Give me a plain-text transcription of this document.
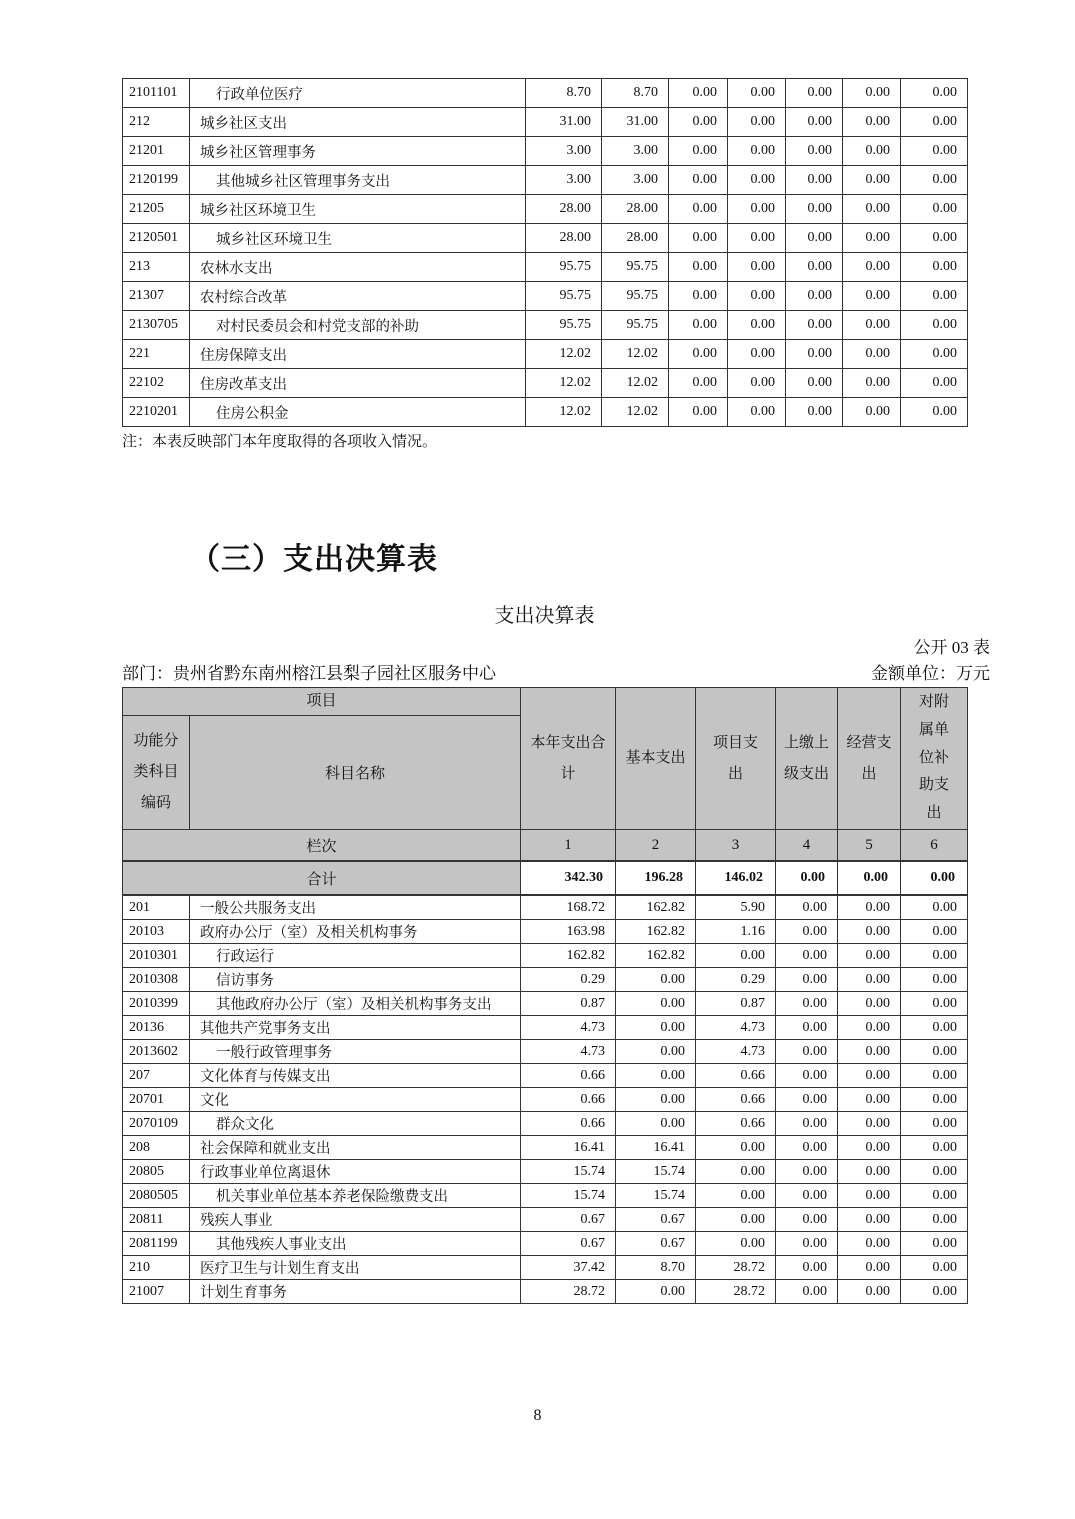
2101101	行政单位医疗	8.70	8.70	0.00	0.00	0.00	0.00	0.00
212	城乡社区支出	31.00	31.00	0.00	0.00	0.00	0.00	0.00
21201	城乡社区管理事务	3.00	3.00	0.00	0.00	0.00	0.00	0.00
2120199	其他城乡社区管理事务支出	3.00	3.00	0.00	0.00	0.00	0.00	0.00
21205	城乡社区环境卫生	28.00	28.00	0.00	0.00	0.00	0.00	0.00
2120501	城乡社区环境卫生	28.00	28.00	0.00	0.00	0.00	0.00	0.00
213	农林水支出	95.75	95.75	0.00	0.00	0.00	0.00	0.00
21307	农村综合改革	95.75	95.75	0.00	0.00	0.00	0.00	0.00
2130705	对村民委员会和村党支部的补助	95.75	95.75	0.00	0.00	0.00	0.00	0.00
221	住房保障支出	12.02	12.02	0.00	0.00	0.00	0.00	0.00
22102	住房改革支出	12.02	12.02	0.00	0.00	0.00	0.00	0.00
2210201	住房公积金	12.02	12.02	0.00	0.00	0.00	0.00	0.00
注：本表反映部门本年度取得的各项收入情况。
（三）支出决算表
支出决算表
公开 03 表
部门：贵州省黔东南州榕江县梨子园社区服务中心	金额单位：万元
项目		本年支出合计	基本支出	项目支出	上缴上级支出	经营支出	对附属单位补助支出
功能分类科目编码	科目名称						
栏次		1	2	3	4	5	6
合计		342.30	196.28	146.02	0.00	0.00	0.00
201	一般公共服务支出	168.72	162.82	5.90	0.00	0.00	0.00
20103	政府办公厅（室）及相关机构事务	163.98	162.82	1.16	0.00	0.00	0.00
2010301	行政运行	162.82	162.82	0.00	0.00	0.00	0.00
2010308	信访事务	0.29	0.00	0.29	0.00	0.00	0.00
2010399	其他政府办公厅（室）及相关机构事务支出	0.87	0.00	0.87	0.00	0.00	0.00
20136	其他共产党事务支出	4.73	0.00	4.73	0.00	0.00	0.00
2013602	一般行政管理事务	4.73	0.00	4.73	0.00	0.00	0.00
207	文化体育与传媒支出	0.66	0.00	0.66	0.00	0.00	0.00
20701	文化	0.66	0.00	0.66	0.00	0.00	0.00
2070109	群众文化	0.66	0.00	0.66	0.00	0.00	0.00
208	社会保障和就业支出	16.41	16.41	0.00	0.00	0.00	0.00
20805	行政事业单位离退休	15.74	15.74	0.00	0.00	0.00	0.00
2080505	机关事业单位基本养老保险缴费支出	15.74	15.74	0.00	0.00	0.00	0.00
20811	残疾人事业	0.67	0.67	0.00	0.00	0.00	0.00
2081199	其他残疾人事业支出	0.67	0.67	0.00	0.00	0.00	0.00
210	医疗卫生与计划生育支出	37.42	8.70	28.72	0.00	0.00	0.00
21007	计划生育事务	28.72	0.00	28.72	0.00	0.00	0.00
8
